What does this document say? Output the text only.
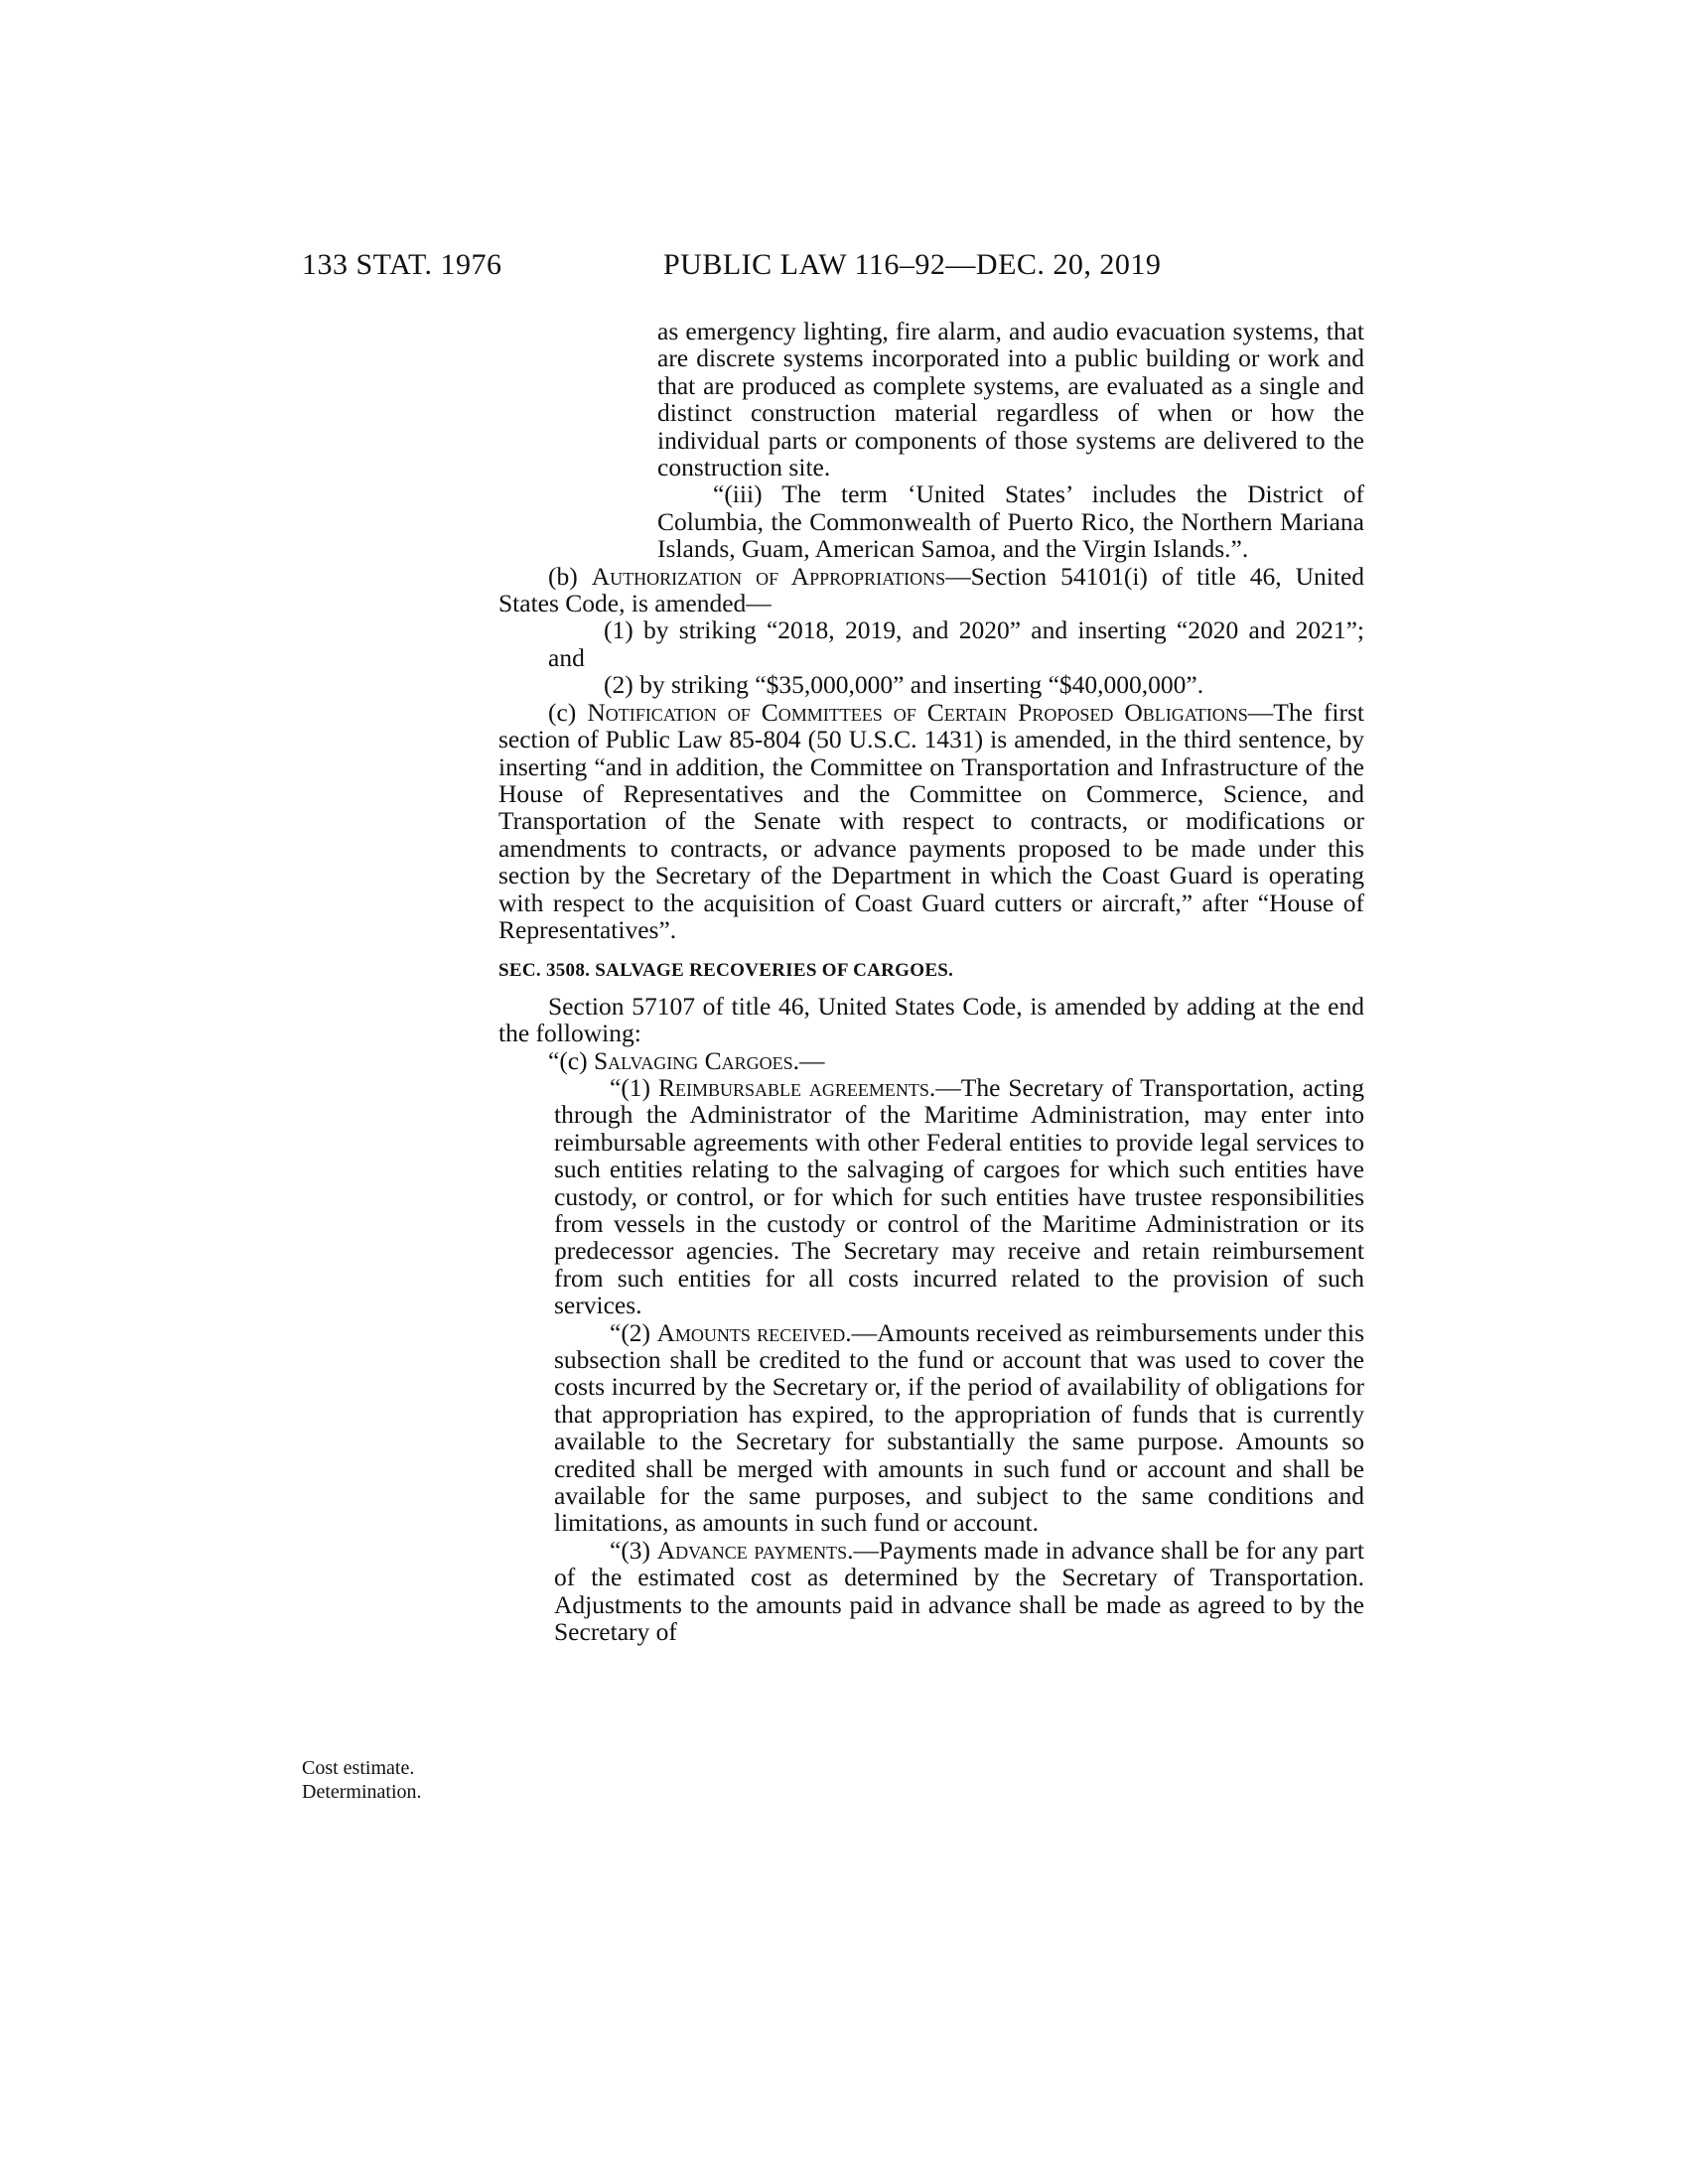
133 STAT. 1976	PUBLIC LAW 116–92—DEC. 20, 2019
Cost estimate.
Determination.

as emergency lighting, fire alarm, and audio evacuation systems, that are discrete systems incorporated into a public building or work and that are produced as complete systems, are evaluated as a single and distinct construction material regardless of when or how the individual parts or components of those systems are delivered to the construction site.

“(iii) The term ‘United States’ includes the District of Columbia, the Commonwealth of Puerto Rico, the Northern Mariana Islands, Guam, American Samoa, and the Virgin Islands.”.

(b) Authorization of Appropriations—Section 54101(i) of title 46, United States Code, is amended—

(1) by striking “2018, 2019, and 2020” and inserting “2020 and 2021”; and

(2) by striking “$35,000,000” and inserting “$40,000,000”.

(c) Notification of Committees of Certain Proposed Obligations—The first section of Public Law 85-804 (50 U.S.C. 1431) is amended, in the third sentence, by inserting “and in addition, the Committee on Transportation and Infrastructure of the House of Representatives and the Committee on Commerce, Science, and Transportation of the Senate with respect to contracts, or modifications or amendments to contracts, or advance payments proposed to be made under this section by the Secretary of the Department in which the Coast Guard is operating with respect to the acquisition of Coast Guard cutters or aircraft,” after “House of Representatives”.

SEC. 3508. SALVAGE RECOVERIES OF CARGOES.

Section 57107 of title 46, United States Code, is amended by adding at the end the following:

“(c) Salvaging Cargoes.—

“(1) Reimbursable agreements.—The Secretary of Transportation, acting through the Administrator of the Maritime Administration, may enter into reimbursable agreements with other Federal entities to provide legal services to such entities relating to the salvaging of cargoes for which such entities have custody, or control, or for which for such entities have trustee responsibilities from vessels in the custody or control of the Maritime Administration or its predecessor agencies. The Secretary may receive and retain reimbursement from such entities for all costs incurred related to the provision of such services.

“(2) Amounts received.—Amounts received as reimbursements under this subsection shall be credited to the fund or account that was used to cover the costs incurred by the Secretary or, if the period of availability of obligations for that appropriation has expired, to the appropriation of funds that is currently available to the Secretary for substantially the same purpose. Amounts so credited shall be merged with amounts in such fund or account and shall be available for the same purposes, and subject to the same conditions and limitations, as amounts in such fund or account.

“(3) Advance payments.—Payments made in advance shall be for any part of the estimated cost as determined by the Secretary of Transportation. Adjustments to the amounts paid in advance shall be made as agreed to by the Secretary of
